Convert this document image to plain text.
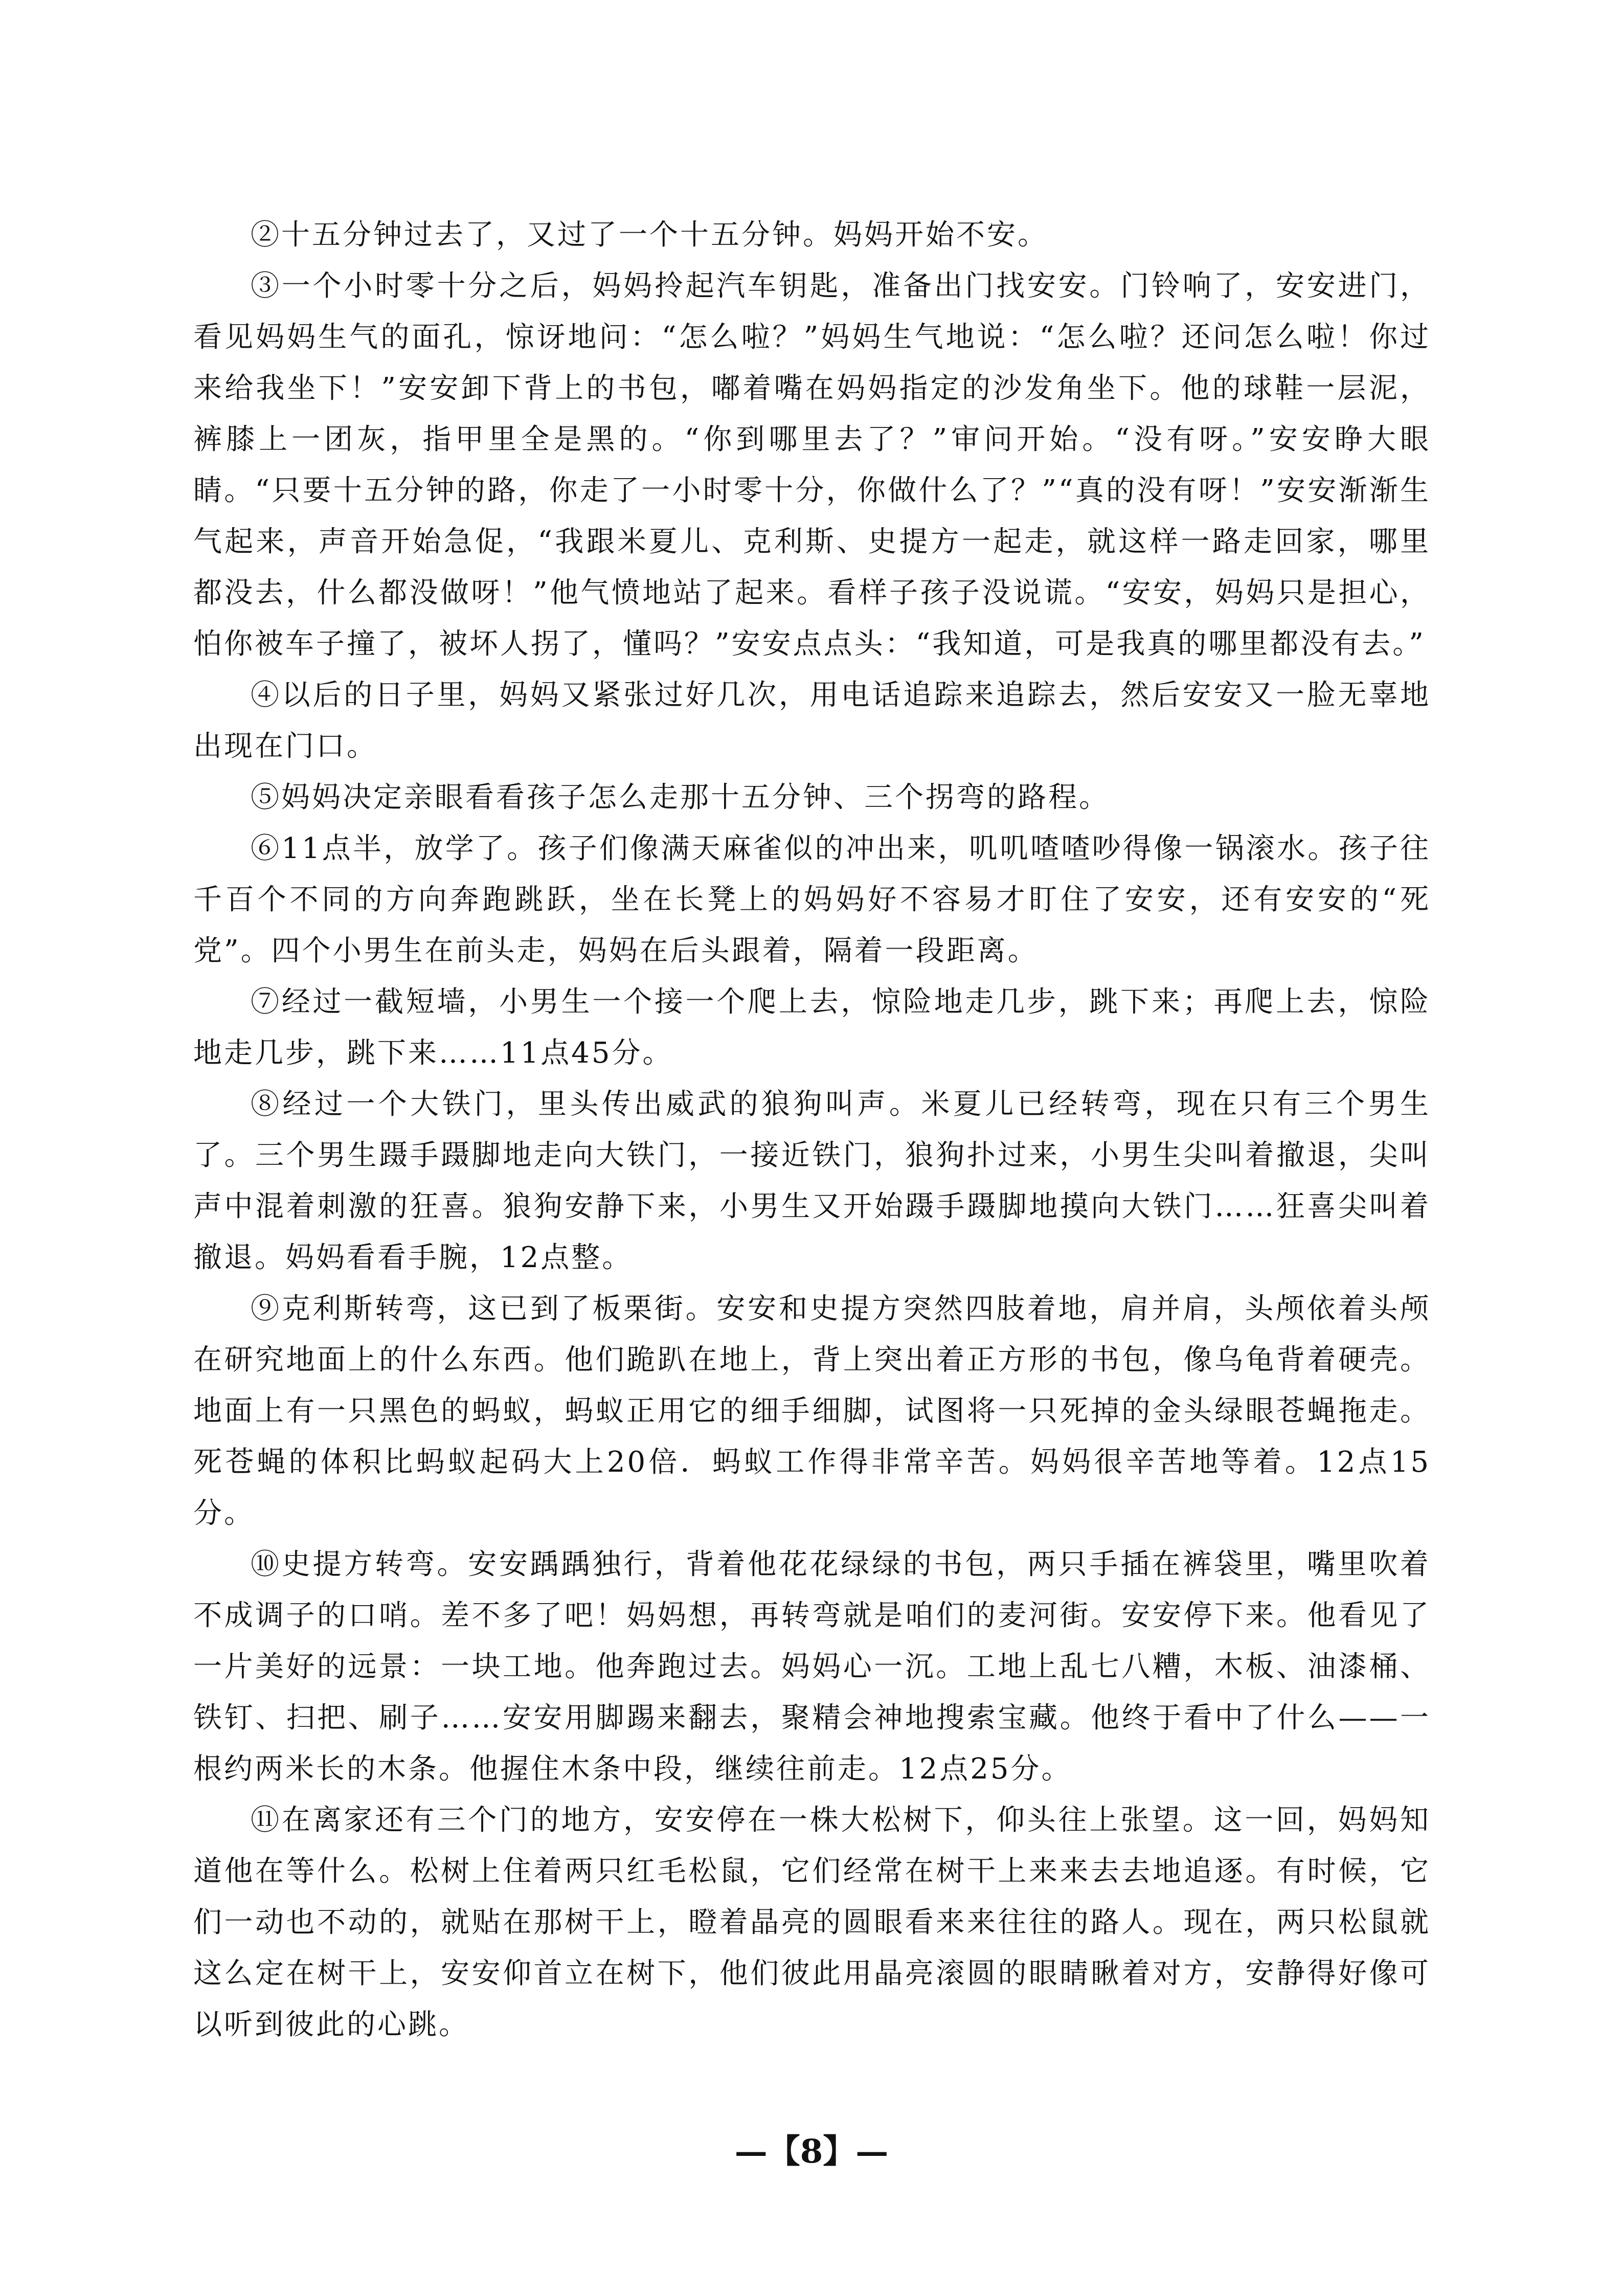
②十五分钟过去了，又过了一个十五分钟。妈妈开始不安。

③一个小时零十分之后，妈妈拎起汽车钥匙，准备出门找安安。门铃响了，安安进门，看见妈妈生气的面孔，惊讶地问：“怎么啦？”妈妈生气地说：“怎么啦？还问怎么啦！你过来给我坐下！”安安卸下背上的书包，嘟着嘴在妈妈指定的沙发角坐下。他的球鞋一层泥，裤膝上一团灰，指甲里全是黑的。“你到哪里去了？”审问开始。“没有呀。”安安睁大眼睛。“只要十五分钟的路，你走了一小时零十分，你做什么了？”“真的没有呀！”安安渐渐生气起来，声音开始急促，“我跟米夏儿、克利斯、史提方一起走，就这样一路走回家，哪里都没去，什么都没做呀！”他气愤地站了起来。看样子孩子没说谎。“安安，妈妈只是担心，怕你被车子撞了，被坏人拐了，懂吗？”安安点点头：“我知道，可是我真的哪里都没有去。”

④以后的日子里，妈妈又紧张过好几次，用电话追踪来追踪去，然后安安又一脸无辜地出现在门口。

⑤妈妈决定亲眼看看孩子怎么走那十五分钟、三个拐弯的路程。

⑥11点半，放学了。孩子们像满天麻雀似的冲出来，叽叽喳喳吵得像一锅滚水。孩子往千百个不同的方向奔跑跳跃，坐在长凳上的妈妈好不容易才盯住了安安，还有安安的“死党”。四个小男生在前头走，妈妈在后头跟着，隔着一段距离。

⑦经过一截短墙，小男生一个接一个爬上去，惊险地走几步，跳下来；再爬上去，惊险地走几步，跳下来……11点45分。

⑧经过一个大铁门，里头传出威武的狼狗叫声。米夏儿已经转弯，现在只有三个男生了。三个男生蹑手蹑脚地走向大铁门，一接近铁门，狼狗扑过来，小男生尖叫着撤退，尖叫声中混着刺激的狂喜。狼狗安静下来，小男生又开始蹑手蹑脚地摸向大铁门……狂喜尖叫着撤退。妈妈看看手腕，12点整。

⑨克利斯转弯，这已到了板栗街。安安和史提方突然四肢着地，肩并肩，头颅依着头颅在研究地面上的什么东西。他们跪趴在地上，背上突出着正方形的书包，像乌龟背着硬壳。地面上有一只黑色的蚂蚁，蚂蚁正用它的细手细脚，试图将一只死掉的金头绿眼苍蝇拖走。死苍蝇的体积比蚂蚁起码大上20倍．蚂蚁工作得非常辛苦。妈妈很辛苦地等着。12点15分。

⑩史提方转弯。安安踽踽独行，背着他花花绿绿的书包，两只手插在裤袋里，嘴里吹着不成调子的口哨。差不多了吧！妈妈想，再转弯就是咱们的麦河街。安安停下来。他看见了一片美好的远景：一块工地。他奔跑过去。妈妈心一沉。工地上乱七八糟，木板、油漆桶、铁钉、扫把、刷子……安安用脚踢来翻去，聚精会神地搜索宝藏。他终于看中了什么——一根约两米长的木条。他握住木条中段，继续往前走。12点25分。

⑪在离家还有三个门的地方，安安停在一株大松树下，仰头往上张望。这一回，妈妈知道他在等什么。松树上住着两只红毛松鼠，它们经常在树干上来来去去地追逐。有时候，它们一动也不动的，就贴在那树干上，瞪着晶亮的圆眼看来来往往的路人。现在，两只松鼠就这么定在树干上，安安仰首立在树下，他们彼此用晶亮滚圆的眼睛瞅着对方，安静得好像可以听到彼此的心跳。

—【8】—
